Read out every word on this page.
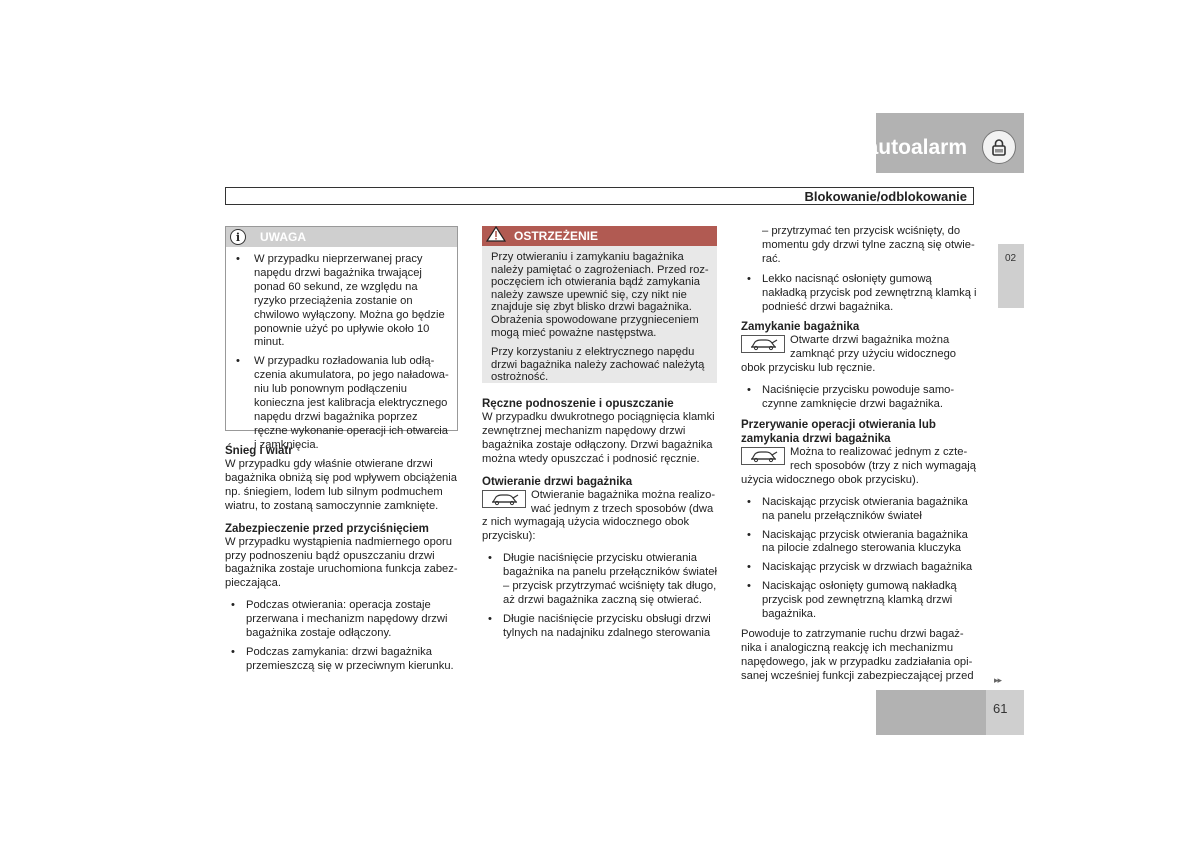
02 Zamki i autoalarm
Blokowanie/odblokowanie
02
i	UWAGA
• W przypadku nieprzerwanej pracy napędu drzwi bagażnika trwającej ponad 60 sekund, ze względu na ryzyko przeciążenia zostanie on chwilowo wyłączony. Można go będzie ponownie użyć po upływie około 10 minut.
• W przypadku rozładowania lub odłączenia akumulatora, po jego naładowaniu lub ponownym podłączeniu konieczna jest kalibracja elektrycznego napędu drzwi bagażnika poprzez ręczne wykonanie operacji ich otwarcia i zamknięcia.
Śnieg i wiatr

W przypadku gdy właśnie otwierane drzwi bagażnika obniżą się pod wpływem obciążenia np. śniegiem, lodem lub silnym podmuchem wiatru, to zostaną samoczynnie zamknięte.

Zabezpieczenie przed przyciśnięciem

W przypadku wystąpienia nadmiernego oporu przy podnoszeniu bądź opuszczaniu drzwi bagażnika zostaje uruchomiona funkcja zabezpieczająca.

• Podczas otwierania: operacja zostaje przerwana i mechanizm napędowy drzwi bagażnika zostaje odłączony.
• Podczas zamykania: drzwi bagażnika przemieszczą się w przeciwnym kierunku.
OSTRZEŻENIE

Przy otwieraniu i zamykaniu bagażnika należy pamiętać o zagrożeniach. Przed rozpoczęciem ich otwierania bądź zamykania należy zawsze upewnić się, czy nikt nie znajduje się zbyt blisko drzwi bagażnika. Obrażenia spowodowane przygnieceniem mogą mieć poważne następstwa.

Przy korzystaniu z elektrycznego napędu drzwi bagażnika należy zachować należytą ostrożność.

Ręczne podnoszenie i opuszczanie

W przypadku dwukrotnego pociągnięcia klamki zewnętrznej mechanizm napędowy drzwi bagażnika zostaje odłączony. Drzwi bagażnika można wtedy opuszczać i podnosić ręcznie.

Otwieranie drzwi bagażnika

Otwieranie bagażnika można realizować jednym z trzech sposobów (dwa z nich wymagają użycia widocznego obok przycisku):

• Długie naciśnięcie przycisku otwierania bagażnika na panelu przełączników świateł – przycisk przytrzymać wciśnięty tak długo, aż drzwi bagażnika zaczną się otwierać.
• Długie naciśnięcie przycisku obsługi drzwi tylnych na nadajniku zdalnego sterowania

– przytrzymać ten przycisk wciśnięty, do momentu gdy drzwi tylne zaczną się otwierać.

• Lekko nacisnąć osłonięty gumową nakładką przycisk pod zewnętrzną klamką i podnieść drzwi bagażnika.
Zamykanie bagażnika

Otwarte drzwi bagażnika można zamknąć przy użyciu widocznego obok przycisku lub ręcznie.

• Naciśnięcie przycisku powoduje samoczynne zamknięcie drzwi bagażnika.
Przerywanie operacji otwierania lub zamykania drzwi bagażnika

Można to realizować jednym z czterech sposobów (trzy z nich wymagają użycia widocznego obok przycisku).

• Naciskając przycisk otwierania bagażnika na panelu przełączników świateł
• Naciskając przycisk otwierania bagażnika na pilocie zdalnego sterowania kluczyka
• Naciskając przycisk w drzwiach bagażnika
• Naciskając osłonięty gumową nakładką przycisk pod zewnętrzną klamką drzwi bagażnika.

Powoduje to zatrzymanie ruchu drzwi bagażnika i analogiczną reakcję ich mechanizmu napędowego, jak w przypadku zadziałania opisanej wcześniej funkcji zabezpieczającej przed	▸▸
61
